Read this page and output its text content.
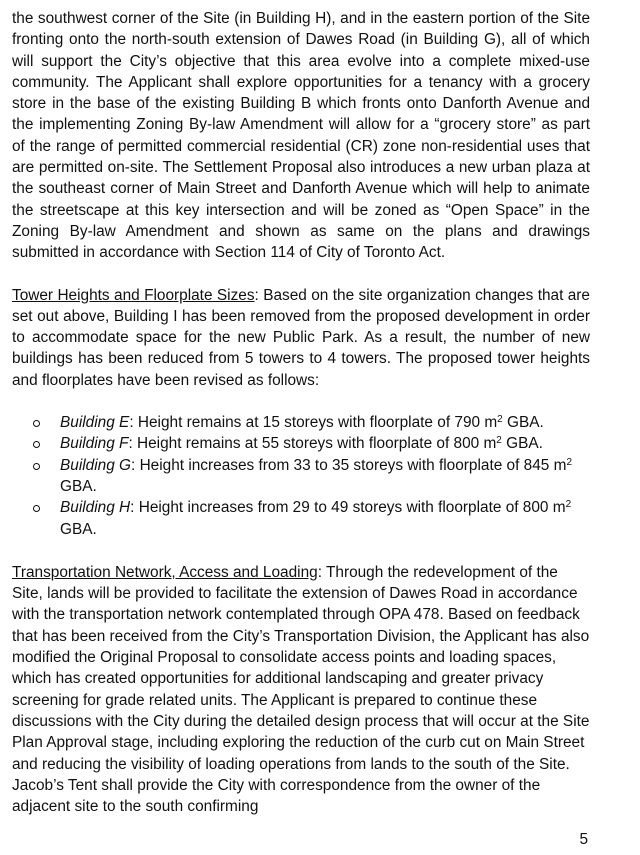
the southwest corner of the Site (in Building H), and in the eastern portion of the Site fronting onto the north-south extension of Dawes Road (in Building G), all of which will support the City’s objective that this area evolve into a complete mixed-use community. The Applicant shall explore opportunities for a tenancy with a grocery store in the base of the existing Building B which fronts onto Danforth Avenue and the implementing Zoning By-law Amendment will allow for a “grocery store” as part of the range of permitted commercial residential (CR) zone non-residential uses that are permitted on-site. The Settlement Proposal also introduces a new urban plaza at the southeast corner of Main Street and Danforth Avenue which will help to animate the streetscape at this key intersection and will be zoned as “Open Space” in the Zoning By-law Amendment and shown as same on the plans and drawings submitted in accordance with Section 114 of City of Toronto Act.

Tower Heights and Floorplate Sizes: Based on the site organization changes that are set out above, Building I has been removed from the proposed development in order to accommodate space for the new Public Park. As a result, the number of new buildings has been reduced from 5 towers to 4 towers. The proposed tower heights and floorplates have been revised as follows:

Building E: Height remains at 15 storeys with floorplate of 790 $m^2$ GBA.
Building F: Height remains at 55 storeys with floorplate of 800 $m^2$ GBA.
Building G: Height increases from 33 to 35 storeys with floorplate of 845 $m^2$
GBA.
Building H: Height increases from 29 to 49 storeys with floorplate of 800 $m^2$
GBA.

Transportation Network, Access and Loading: Through the redevelopment of the Site, lands will be provided to facilitate the extension of Dawes Road in accordance with the transportation network contemplated through OPA 478. Based on feedback that has been received from the City’s Transportation Division, the Applicant has also modified the Original Proposal to consolidate access points and loading spaces, which has created opportunities for additional landscaping and greater privacy screening for grade related units. The Applicant is prepared to continue these discussions with the City during the detailed design process that will occur at the Site Plan Approval stage, including exploring the reduction of the curb cut on Main Street and reducing the visibility of loading operations from lands to the south of the Site. Jacob’s Tent shall provide the City with correspondence from the owner of the adjacent site to the south confirming

5
